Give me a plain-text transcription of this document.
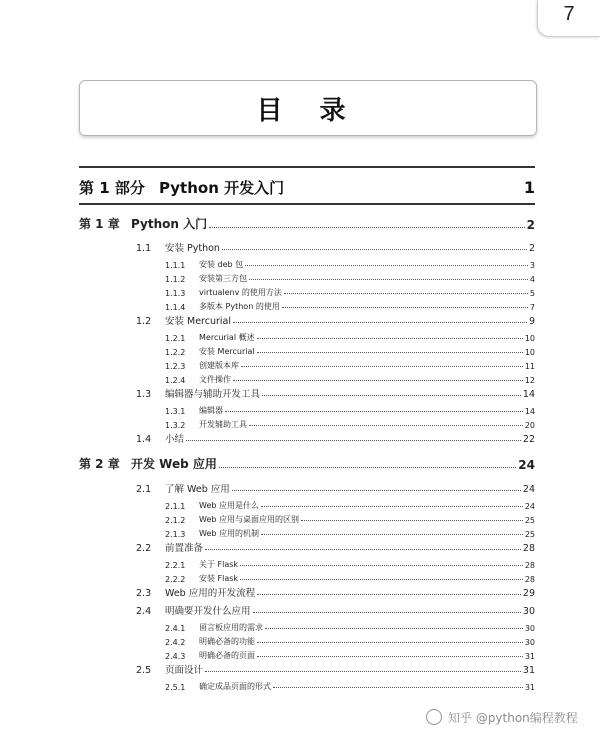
7
目 录
第 1 部分 Python 开发入门	1
第 1 章 Python 入门	2
1.1	安装 Python	2
1.1.1	安装 deb 包	3
1.1.2	安装第三方包	4
1.1.3	virtualenv 的使用方法	5
1.1.4	多版本 Python 的使用	7
1.2	安装 Mercurial	9
1.2.1	Mercurial 概述	10
1.2.2	安装 Mercurial	10
1.2.3	创建版本库	11
1.2.4	文件操作	12
1.3	编辑器与辅助开发工具	14
1.3.1	编辑器	14
1.3.2	开发辅助工具	20
1.4	小结	22
第 2 章 开发 Web 应用	24
2.1	了解 Web 应用	24
2.1.1	Web 应用是什么	24
2.1.2	Web 应用与桌面应用的区别	25
2.1.3	Web 应用的机制	25
2.2	前置准备	28
2.2.1	关于 Flask	28
2.2.2	安装 Flask	28
2.3	Web 应用的开发流程	29
2.4	明确要开发什么应用	30
2.4.1	留言板应用的需求	30
2.4.2	明确必备的功能	30
2.4.3	明确必备的页面	31
2.5	页面设计	31
2.5.1	确定成品页面的形式	31
知乎 @python编程教程
